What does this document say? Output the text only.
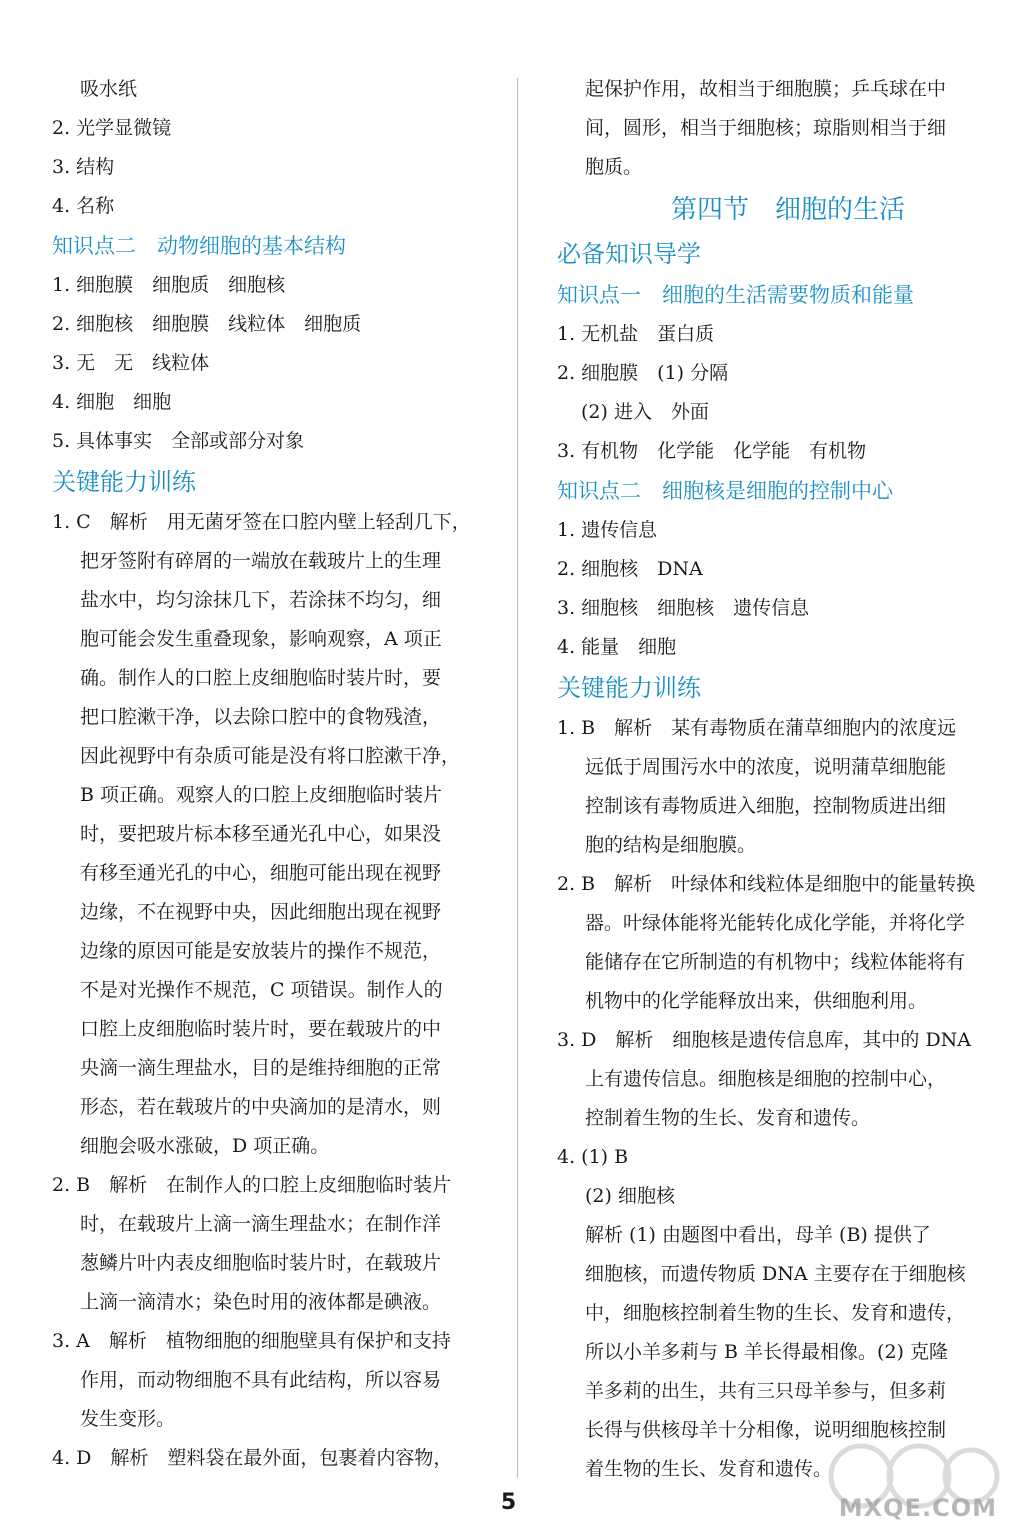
吸水纸
2. 光学显微镜
3. 结构
4. 名称
知识点二　动物细胞的基本结构
1. 细胞膜　细胞质　细胞核
2. 细胞核　细胞膜　线粒体　细胞质
3. 无　无　线粒体
4. 细胞　细胞
5. 具体事实　全部或部分对象
关键能力训练
1. C　解析　用无菌牙签在口腔内壁上轻刮几下，
把牙签附有碎屑的一端放在载玻片上的生理
盐水中，均匀涂抹几下，若涂抹不均匀，细
胞可能会发生重叠现象，影响观察，A 项正
确。制作人的口腔上皮细胞临时装片时，要
把口腔漱干净，以去除口腔中的食物残渣，
因此视野中有杂质可能是没有将口腔漱干净，
B 项正确。观察人的口腔上皮细胞临时装片
时，要把玻片标本移至通光孔中心，如果没
有移至通光孔的中心，细胞可能出现在视野
边缘，不在视野中央，因此细胞出现在视野
边缘的原因可能是安放装片的操作不规范，
不是对光操作不规范，C 项错误。制作人的
口腔上皮细胞临时装片时，要在载玻片的中
央滴一滴生理盐水，目的是维持细胞的正常
形态，若在载玻片的中央滴加的是清水，则
细胞会吸水涨破，D 项正确。
2. B　解析　在制作人的口腔上皮细胞临时装片
时，在载玻片上滴一滴生理盐水；在制作洋
葱鳞片叶内表皮细胞临时装片时，在载玻片
上滴一滴清水；染色时用的液体都是碘液。
3. A　解析　植物细胞的细胞壁具有保护和支持
作用，而动物细胞不具有此结构，所以容易
发生变形。
4. D　解析　塑料袋在最外面，包裹着内容物，
起保护作用，故相当于细胞膜；乒乓球在中
间，圆形，相当于细胞核；琼脂则相当于细
胞质。
第四节　细胞的生活
必备知识导学
知识点一　细胞的生活需要物质和能量
1. 无机盐　蛋白质
2. 细胞膜　(1) 分隔
(2) 进入　外面
3. 有机物　化学能　化学能　有机物
知识点二　细胞核是细胞的控制中心
1. 遗传信息
2. 细胞核　DNA
3. 细胞核　细胞核　遗传信息
4. 能量　细胞
关键能力训练
1. B　解析　某有毒物质在蒲草细胞内的浓度远
远低于周围污水中的浓度，说明蒲草细胞能
控制该有毒物质进入细胞，控制物质进出细
胞的结构是细胞膜。
2. B　解析　叶绿体和线粒体是细胞中的能量转换
器。叶绿体能将光能转化成化学能，并将化学
能储存在它所制造的有机物中；线粒体能将有
机物中的化学能释放出来，供细胞利用。
3. D　解析　细胞核是遗传信息库，其中的 DNA
上有遗传信息。细胞核是细胞的控制中心，
控制着生物的生长、发育和遗传。
4. (1) B
(2) 细胞核
解析 (1) 由题图中看出，母羊 (B) 提供了
细胞核，而遗传物质 DNA 主要存在于细胞核
中，细胞核控制着生物的生长、发育和遗传，
所以小羊多莉与 B 羊长得最相像。(2) 克隆
羊多莉的出生，共有三只母羊参与，但多莉
长得与供核母羊十分相像，说明细胞核控制
着生物的生长、发育和遗传。
5	MXQE.COM
